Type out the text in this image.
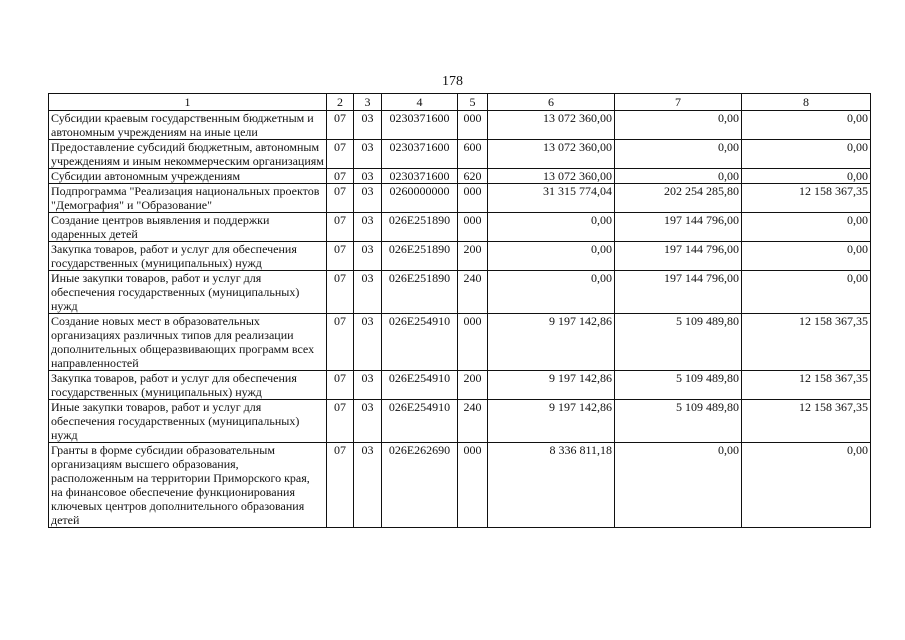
178
1	2	3	4	5	6	7	8
Субсидии краевым государственным бюджетным и автономным учреждениям на иные цели	07	03	0230371600	000	13 072 360,00	0,00	0,00
Предоставление субсидий бюджетным, автономным учреждениям и иным некоммерческим организациям	07	03	0230371600	600	13 072 360,00	0,00	0,00
Субсидии автономным учреждениям	07	03	0230371600	620	13 072 360,00	0,00	0,00
Подпрограмма "Реализация национальных проектов "Демография" и "Образование"	07	03	0260000000	000	31 315 774,04	202 254 285,80	12 158 367,35
Создание центров выявления и поддержки одаренных детей	07	03	026E251890	000	0,00	197 144 796,00	0,00
Закупка товаров, работ и услуг для обеспечения государственных (муниципальных) нужд	07	03	026E251890	200	0,00	197 144 796,00	0,00
Иные закупки товаров, работ и услуг для обеспечения государственных (муниципальных) нужд	07	03	026E251890	240	0,00	197 144 796,00	0,00
Создание новых мест в образовательных организациях различных типов для реализации дополнительных общеразвивающих программ всех направленностей	07	03	026E254910	000	9 197 142,86	5 109 489,80	12 158 367,35
Закупка товаров, работ и услуг для обеспечения государственных (муниципальных) нужд	07	03	026E254910	200	9 197 142,86	5 109 489,80	12 158 367,35
Иные закупки товаров, работ и услуг для обеспечения государственных (муниципальных) нужд	07	03	026E254910	240	9 197 142,86	5 109 489,80	12 158 367,35
Гранты в форме субсидии образовательным организациям высшего образования, расположенным на территории Приморского края, на финансовое обеспечение функционирования ключевых центров дополнительного образования детей	07	03	026E262690	000	8 336 811,18	0,00	0,00
